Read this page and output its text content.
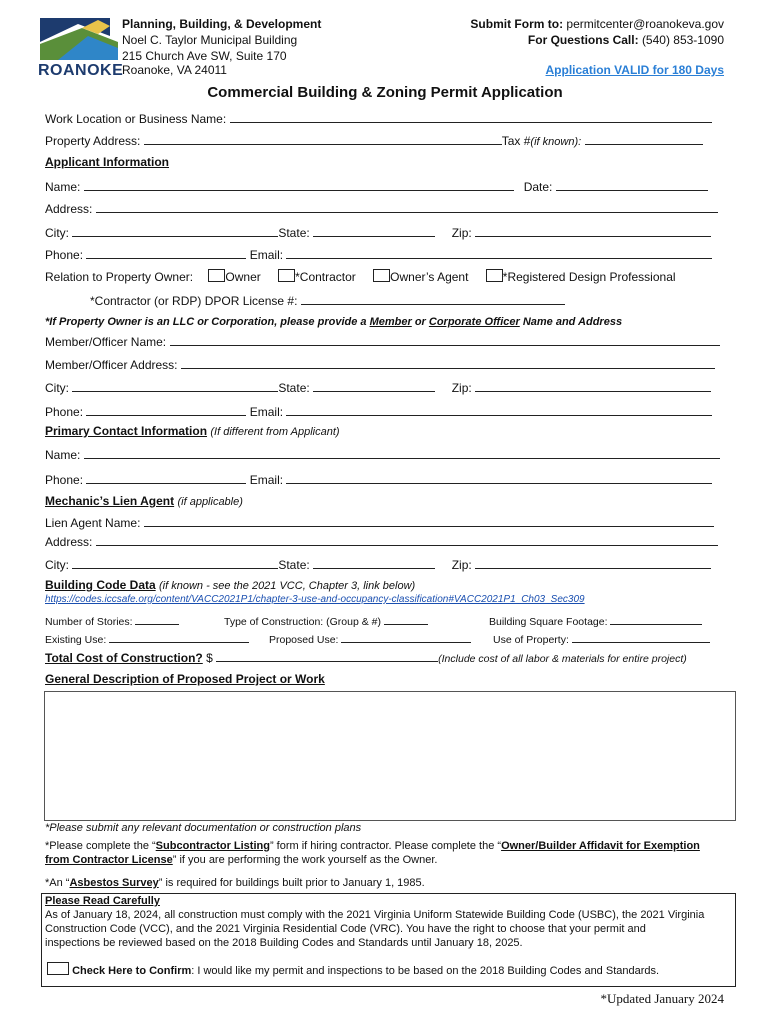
ROANOKE
Planning, Building, & Development
Noel C. Taylor Municipal Building
215 Church Ave SW, Suite 170
Roanoke, VA 24011
Submit Form to: permitcenter@roanokeva.gov
For Questions Call: (540) 853-1090
Application VALID for 180 Days
Commercial Building & Zoning Permit Application
Work Location or Business Name:
Property Address:	Tax #(if known):
Applicant Information
Name:	Date:
Address:
City:	State:	Zip:
Phone:	Email:
Relation to Property Owner:	Owner	*Contractor	Owner’s Agent	*Registered Design Professional
*Contractor (or RDP) DPOR License #:
*If Property Owner is an LLC or Corporation, please provide a Member or Corporate Officer Name and Address
Member/Officer Name:
Member/Officer Address:
City:	State:	Zip:
Phone:	Email:
Primary Contact Information (If different from Applicant)
Name:
Phone:	Email:
Mechanic’s Lien Agent (if applicable)
Lien Agent Name:
Address:
City:	State:	Zip:
Building Code Data (if known - see the 2021 VCC, Chapter 3, link below)
https://codes.iccsafe.org/content/VACC2021P1/chapter-3-use-and-occupancy-classification#VACC2021P1_Ch03_Sec309
Number of Stories:	Type of Construction: (Group & #)	Building Square Footage:
Existing Use:	Proposed Use:	Use of Property:
Total Cost of Construction? $	(Include cost of all labor & materials for entire project)
General Description of Proposed Project or Work
*Please submit any relevant documentation or construction plans
*Please complete the “Subcontractor Listing” form if hiring contractor. Please complete the “Owner/Builder Affidavit for Exemption
from Contractor License” if you are performing the work yourself as the Owner.
*An “Asbestos Survey” is required for buildings built prior to January 1, 1985.
Please Read Carefully
As of January 18, 2024, all construction must comply with the 2021 Virginia Uniform Statewide Building Code (USBC), the 2021 Virginia
Construction Code (VCC), and the 2021 Virginia Residential Code (VRC). You have the right to choose that your permit and
inspections be reviewed based on the 2018 Building Codes and Standards until January 18, 2025.
Check Here to Confirm: I would like my permit and inspections to be based on the 2018 Building Codes and Standards.
*Updated January 2024
